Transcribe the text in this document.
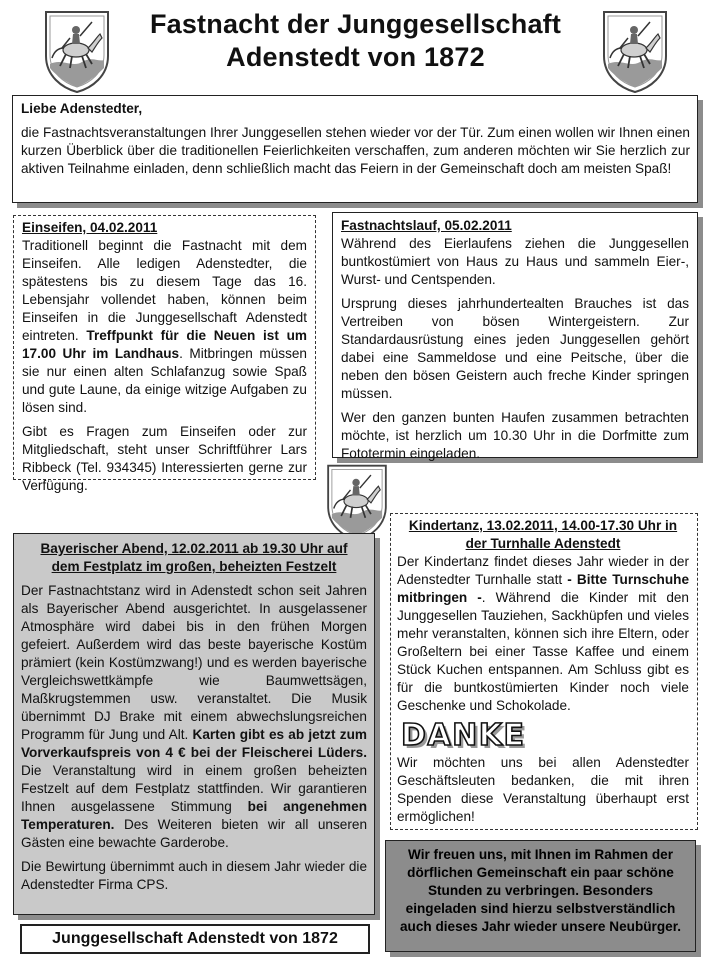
Fastnacht der Junggesellschaft
Adenstedt von 1872

Liebe Adenstedter,

die Fastnachtsveranstaltungen Ihrer Junggesellen stehen wieder vor der Tür. Zum einen wollen wir Ihnen einen kurzen Überblick über die traditionellen Feierlichkeiten verschaffen, zum anderen möchten wir Sie herzlich zur aktiven Teilnahme einladen, denn schließlich macht das Feiern in der Gemeinschaft doch am meisten Spaß!

Einseifen, 04.02.2011

Traditionell beginnt die Fastnacht mit dem Einseifen. Alle ledigen Adenstedter, die spätestens bis zu diesem Tage das 16. Lebensjahr vollendet haben, können beim Einseifen in die Junggesellschaft Adenstedt eintreten. Treffpunkt für die Neuen ist um 17.00 Uhr im Landhaus. Mitbringen müssen sie nur einen alten Schlafanzug sowie Spaß und gute Laune, da einige witzige Aufgaben zu lösen sind.

Gibt es Fragen zum Einseifen oder zur Mitgliedschaft, steht unser Schriftführer Lars Ribbeck (Tel. 934345) Interessierten gerne zur Verfügung.

Fastnachtslauf, 05.02.2011

Während des Eierlaufens ziehen die Junggesellen buntkostümiert von Haus zu Haus und sammeln Eier-, Wurst- und Centspenden.

Ursprung dieses jahrhundertealten Brauches ist das Vertreiben von bösen Wintergeistern. Zur Standardausrüstung eines jeden Junggesellen gehört dabei eine Sammeldose und eine Peitsche, über die neben den bösen Geistern auch freche Kinder springen müssen.

Wer den ganzen bunten Haufen zusammen betrachten möchte, ist herzlich um 10.30 Uhr in die Dorfmitte zum Fototermin eingeladen.

Bayerischer Abend, 12.02.2011 ab 19.30 Uhr auf dem Festplatz im großen, beheizten Festzelt

Der Fastnachtstanz wird in Adenstedt schon seit Jahren als Bayerischer Abend ausgerichtet. In ausgelassener Atmosphäre wird dabei bis in den frühen Morgen gefeiert. Außerdem wird das beste bayerische Kostüm prämiert (kein Kostümzwang!) und es werden bayerische Vergleichswettkämpfe wie Baumwettsägen, Maßkrugstemmen usw. veranstaltet. Die Musik übernimmt DJ Brake mit einem abwechslungsreichen Programm für Jung und Alt. Karten gibt es ab jetzt zum Vorverkaufspreis von 4 € bei der Fleischerei Lüders. Die Veranstaltung wird in einem großen beheizten Festzelt auf dem Festplatz stattfinden. Wir garantieren Ihnen ausgelassene Stimmung bei angenehmen Temperaturen. Des Weiteren bieten wir all unseren Gästen eine bewachte Garderobe.

Die Bewirtung übernimmt auch in diesem Jahr wieder die Adenstedter Firma CPS.

Kindertanz, 13.02.2011, 14.00-17.30 Uhr in der Turnhalle Adenstedt

Der Kindertanz findet dieses Jahr wieder in der Adenstedter Turnhalle statt - Bitte Turnschuhe mitbringen -. Während die Kinder mit den Junggesellen Tauziehen, Sackhüpfen und vieles mehr veranstalten, können sich ihre Eltern, oder Großeltern bei einer Tasse Kaffee und einem Stück Kuchen entspannen. Am Schluss gibt es für die buntkostümierten Kinder noch viele Geschenke und Schokolade.

DANKE

Wir möchten uns bei allen Adenstedter Geschäftsleuten bedanken, die mit ihren Spenden diese Veranstaltung überhaupt erst ermöglichen!

Wir freuen uns, mit Ihnen im Rahmen der dörflichen Gemeinschaft ein paar schöne Stunden zu verbringen. Besonders eingeladen sind hierzu selbstverständlich auch dieses Jahr wieder unsere Neubürger.

Junggesellschaft Adenstedt von 1872
